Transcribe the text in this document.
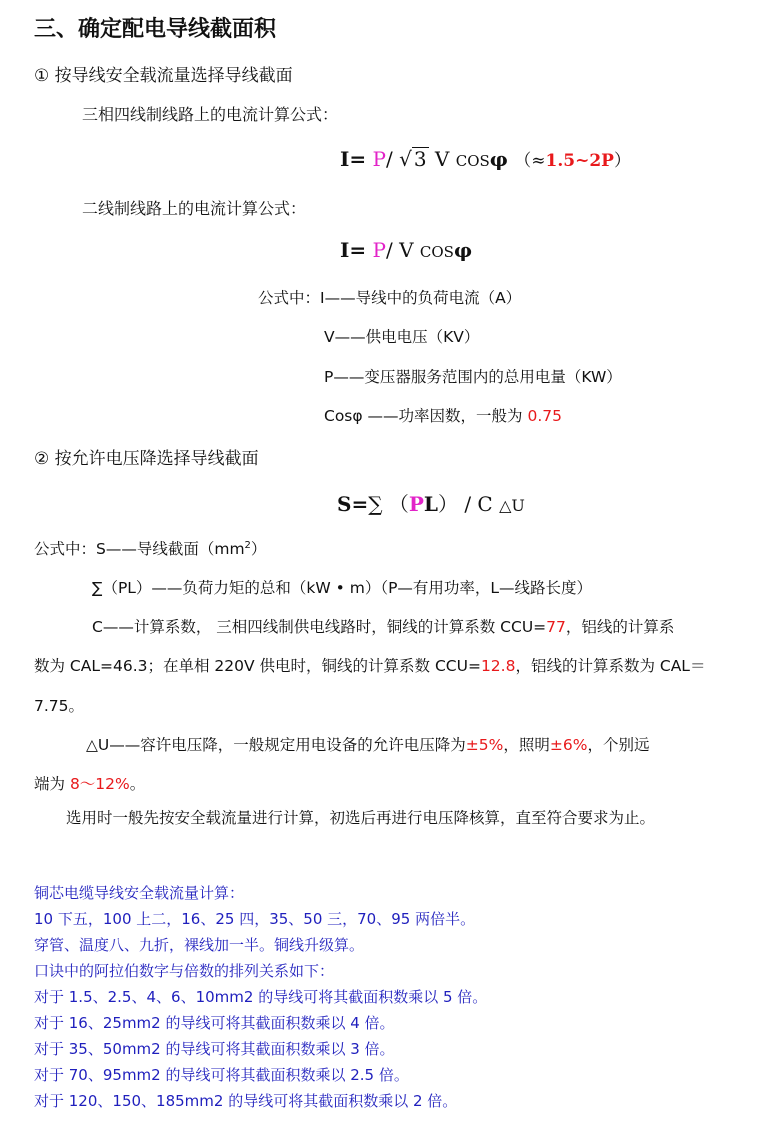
三、确定配电导线截面积
① 按导线安全载流量选择导线截面
三相四线制线路上的电流计算公式：
I= P/ √ 3 V COSφ （≈1.5~2P）
二线制线路上的电流计算公式：
I= P/ V COSφ
公式中：I——导线中的负荷电流（A）
V——供电电压（KV）
P——变压器服务范围内的总用电量（KW）
Cosφ ——功率因数，一般为 0.75
② 按允许电压降选择导线截面
S=∑ （PL） / C △U
公式中：S——导线截面$(mm^2)$
∑（PL）——负荷力矩的总和（kW • m）（P—有用功率，L—线路长度）
C——计算系数， 三相四线制供电线路时，铜线的计算系数 CCU=77，铝线的计算系
数为 CAL=46.3；在单相 220V 供电时，铜线的计算系数 CCU=12.8，铝线的计算系数为 CAL＝
7.75。
△U——容许电压降，一般规定用电设备的允许电压降为±5%，照明±6%，个别远
端为 8～12%。
选用时一般先按安全载流量进行计算，初选后再进行电压降核算，直至符合要求为止。
铜芯电缆导线安全载流量计算：
10 下五，100 上二，16、25 四，35、50 三，70、95 两倍半。
穿管、温度八、九折，裸线加一半。铜线升级算。
口诀中的阿拉伯数字与倍数的排列关系如下：
对于 1.5、2.5、4、6、10mm2 的导线可将其截面积数乘以 5 倍。
对于 16、25mm2 的导线可将其截面积数乘以 4 倍。
对于 35、50mm2 的导线可将其截面积数乘以 3 倍。
对于 70、95mm2 的导线可将其截面积数乘以 2.5 倍。
对于 120、150、185mm2 的导线可将其截面积数乘以 2 倍。
